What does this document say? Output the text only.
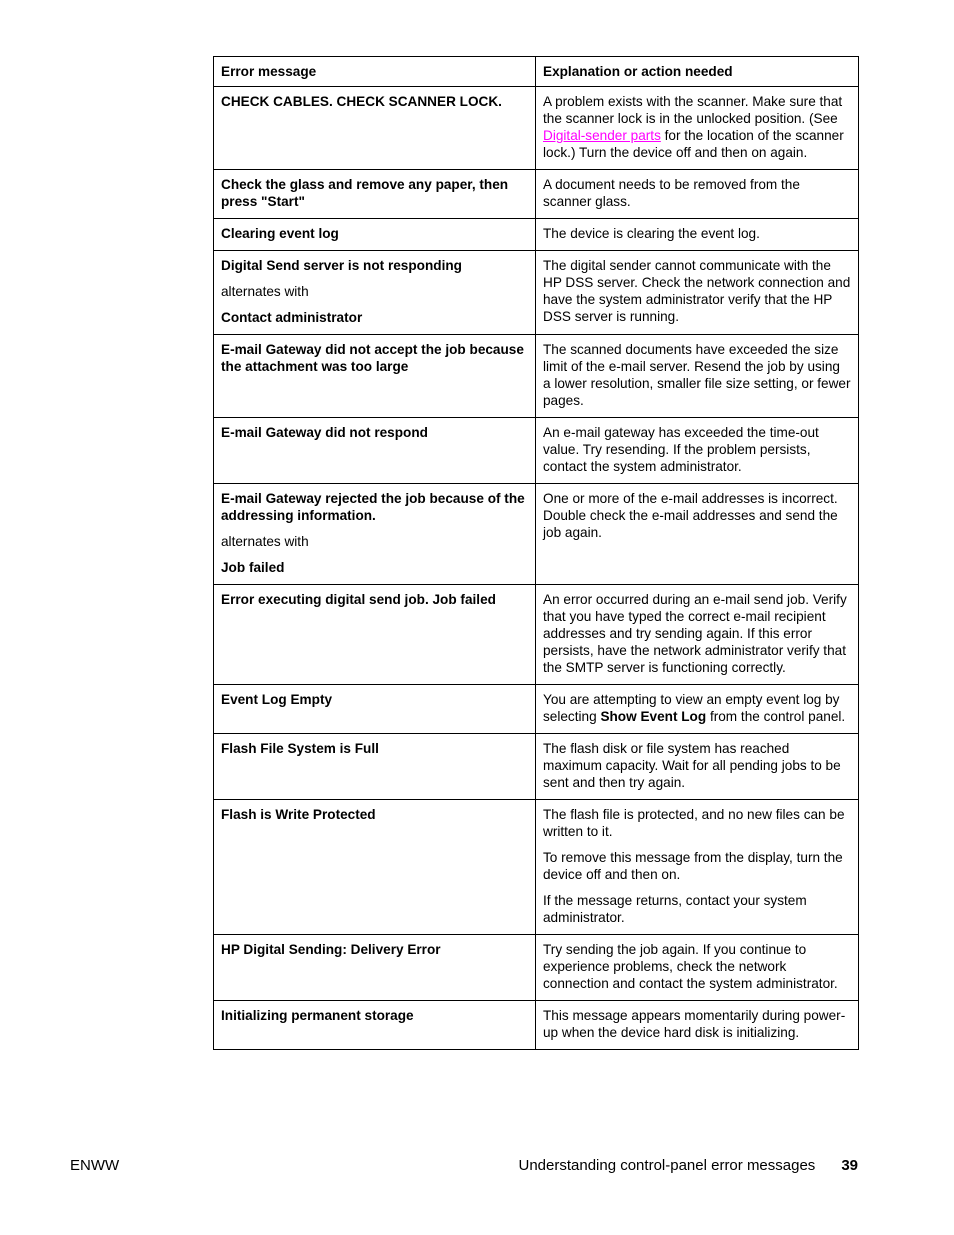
Error message	Explanation or action needed

CHECK CABLES. CHECK SCANNER LOCK.	A problem exists with the scanner. Make sure that the scanner lock is in the unlocked position. (See Digital-sender parts for the location of the scanner lock.) Turn the device off and then on again.

Check the glass and remove any paper, then press "Start"	A document needs to be removed from the scanner glass.

Clearing event log	The device is clearing the event log.

Digital Send server is not responding
alternates with
Contact administrator	The digital sender cannot communicate with the HP DSS server. Check the network connection and have the system administrator verify that the HP DSS server is running.

E-mail Gateway did not accept the job because the attachment was too large	The scanned documents have exceeded the size limit of the e-mail server. Resend the job by using a lower resolution, smaller file size setting, or fewer pages.

E-mail Gateway did not respond	An e-mail gateway has exceeded the time-out value. Try resending. If the problem persists, contact the system administrator.

E-mail Gateway rejected the job because of the addressing information.
alternates with
Job failed	One or more of the e-mail addresses is incorrect. Double check the e-mail addresses and send the job again.

Error executing digital send job. Job failed	An error occurred during an e-mail send job. Verify that you have typed the correct e-mail recipient addresses and try sending again. If this error persists, have the network administrator verify that the SMTP server is functioning correctly.

Event Log Empty	You are attempting to view an empty event log by selecting Show Event Log from the control panel.

Flash File System is Full	The flash disk or file system has reached maximum capacity. Wait for all pending jobs to be sent and then try again.

Flash is Write Protected	The flash file is protected, and no new files can be written to it.
To remove this message from the display, turn the device off and then on.
If the message returns, contact your system administrator.

HP Digital Sending: Delivery Error	Try sending the job again. If you continue to experience problems, check the network connection and contact the system administrator.

Initializing permanent storage	This message appears momentarily during power-up when the device hard disk is initializing.
ENWW	Understanding control-panel error messages 39
